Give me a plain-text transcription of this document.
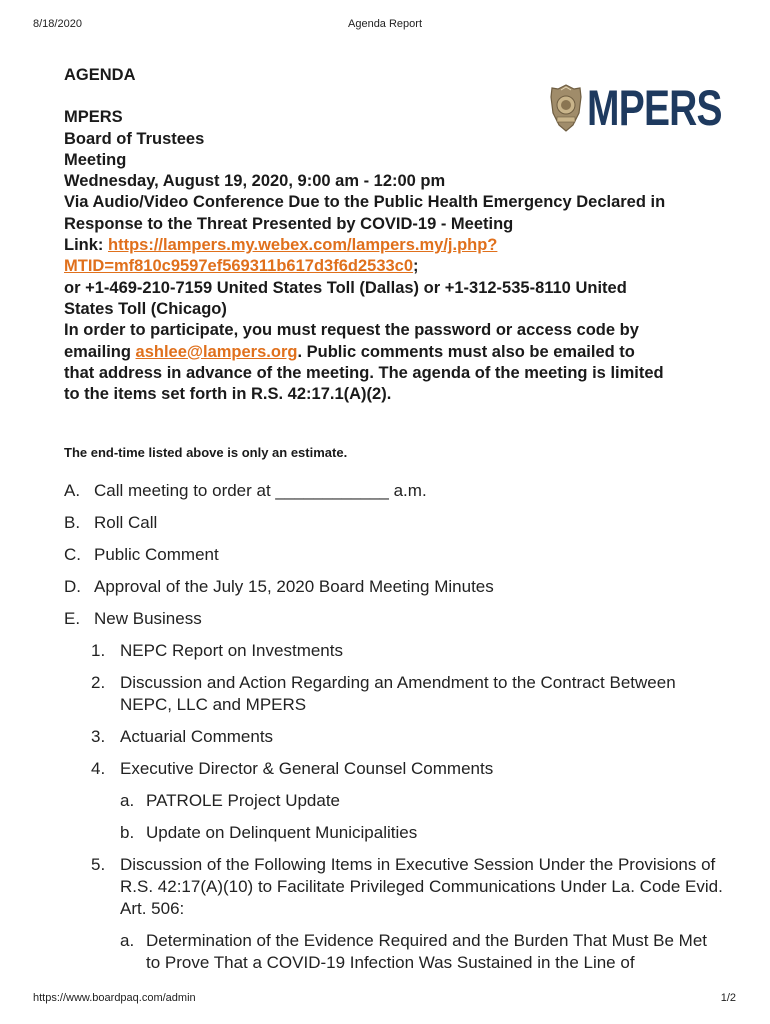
8/18/2020	Agenda Report
MPERS
AGENDA
MPERS
Board of Trustees
Meeting
Wednesday, August 19, 2020, 9:00 am - 12:00 pm
Via Audio/Video Conference Due to the Public Health Emergency Declared in
Response to the Threat Presented by COVID-19 - Meeting
Link: https://lampers.my.webex.com/lampers.my/j.php?
MTID=mf810c9597ef569311b617d3f6d2533c0;
or +1-469-210-7159 United States Toll (Dallas) or +1-312-535-8110 United
States Toll (Chicago)
In order to participate, you must request the password or access code by
emailing ashlee@lampers.org. Public comments must also be emailed to
that address in advance of the meeting. The agenda of the meeting is limited
to the items set forth in R.S. 42:17.1(A)(2).
The end-time listed above is only an estimate.
A. Call meeting to order at ____________ a.m.
B. Roll Call
C. Public Comment
D. Approval of the July 15, 2020 Board Meeting Minutes
E. New Business
1. NEPC Report on Investments
2. Discussion and Action Regarding an Amendment to the Contract Between NEPC, LLC and MPERS
3. Actuarial Comments
4. Executive Director & General Counsel Comments
a. PATROLE Project Update
b. Update on Delinquent Municipalities
5. Discussion of the Following Items in Executive Session Under the Provisions of R.S. 42:17(A)(10) to Facilitate Privileged Communications Under La. Code Evid. Art. 506:
a. Determination of the Evidence Required and the Burden That Must Be Met to Prove That a COVID-19 Infection Was Sustained in the Line of
https://www.boardpaq.com/admin	1/2
